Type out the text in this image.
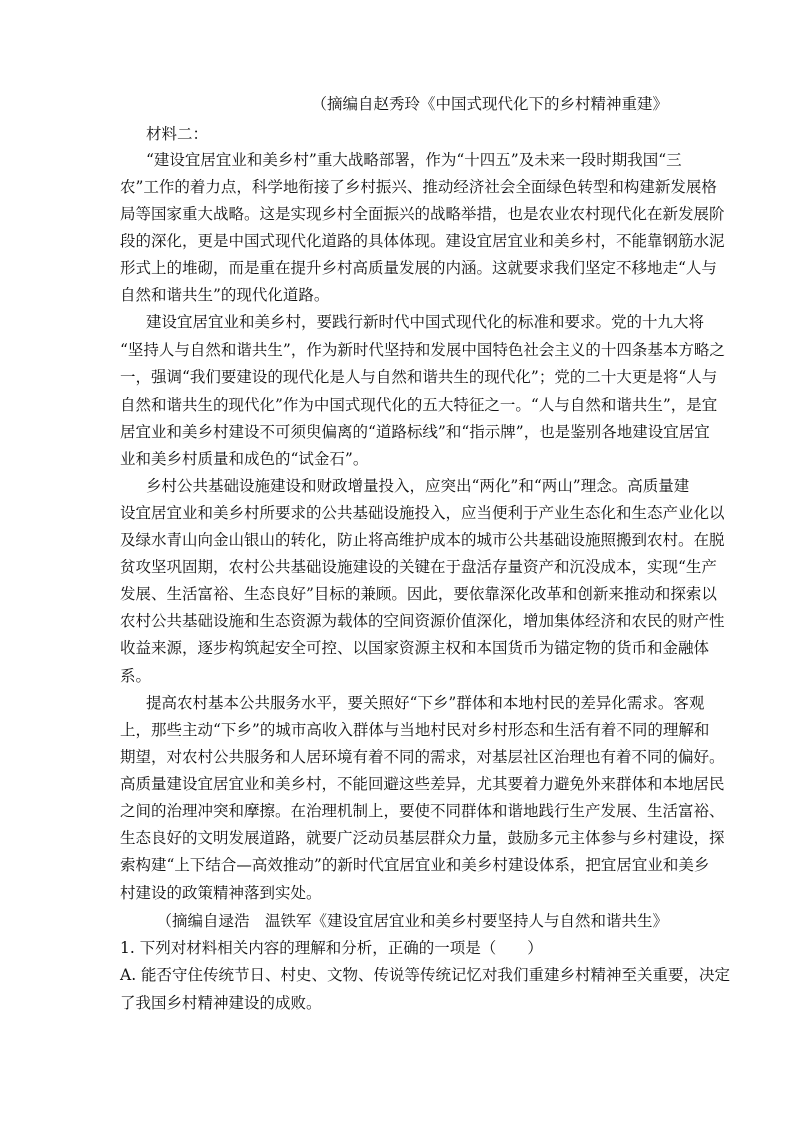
（摘编自赵秀玲《中国式现代化下的乡村精神重建》
材料二：
“建设宜居宜业和美乡村”重大战略部署，作为“十四五”及未来一段时期我国“三
农”工作的着力点，科学地衔接了乡村振兴、推动经济社会全面绿色转型和构建新发展格
局等国家重大战略。这是实现乡村全面振兴的战略举措，也是农业农村现代化在新发展阶
段的深化，更是中国式现代化道路的具体体现。建设宜居宜业和美乡村，不能靠钢筋水泥
形式上的堆砌，而是重在提升乡村高质量发展的内涵。这就要求我们坚定不移地走“人与
自然和谐共生”的现代化道路。
建设宜居宜业和美乡村，要践行新时代中国式现代化的标准和要求。党的十九大将
“坚持人与自然和谐共生”，作为新时代坚持和发展中国特色社会主义的十四条基本方略之
一，强调“我们要建设的现代化是人与自然和谐共生的现代化”；党的二十大更是将“人与
自然和谐共生的现代化”作为中国式现代化的五大特征之一。“人与自然和谐共生”，是宜
居宜业和美乡村建设不可须臾偏离的“道路标线”和“指示牌”，也是鉴别各地建设宜居宜
业和美乡村质量和成色的“试金石”。
乡村公共基础设施建设和财政增量投入，应突出“两化”和“两山”理念。高质量建
设宜居宜业和美乡村所要求的公共基础设施投入，应当便利于产业生态化和生态产业化以
及绿水青山向金山银山的转化，防止将高维护成本的城市公共基础设施照搬到农村。在脱
贫攻坚巩固期，农村公共基础设施建设的关键在于盘活存量资产和沉没成本，实现“生产
发展、生活富裕、生态良好”目标的兼顾。因此，要依靠深化改革和创新来推动和探索以
农村公共基础设施和生态资源为载体的空间资源价值深化，增加集体经济和农民的财产性
收益来源，逐步构筑起安全可控、以国家资源主权和本国货币为锚定物的货币和金融体
系。
提高农村基本公共服务水平，要关照好“下乡”群体和本地村民的差异化需求。客观
上，那些主动“下乡”的城市高收入群体与当地村民对乡村形态和生活有着不同的理解和
期望，对农村公共服务和人居环境有着不同的需求，对基层社区治理也有着不同的偏好。
高质量建设宜居宜业和美乡村，不能回避这些差异，尤其要着力避免外来群体和本地居民
之间的治理冲突和摩擦。在治理机制上，要使不同群体和谐地践行生产发展、生活富裕、
生态良好的文明发展道路，就要广泛动员基层群众力量，鼓励多元主体参与乡村建设，探
索构建“上下结合—高效推动”的新时代宜居宜业和美乡村建设体系，把宜居宜业和美乡
村建设的政策精神落到实处。
（摘编自逯浩　温铁军《建设宜居宜业和美乡村要坚持人与自然和谐共生》
1. 下列对材料相关内容的理解和分析，正确的一项是（　　）
A. 能否守住传统节日、村史、文物、传说等传统记忆对我们重建乡村精神至关重要，决定
了我国乡村精神建设的成败。
